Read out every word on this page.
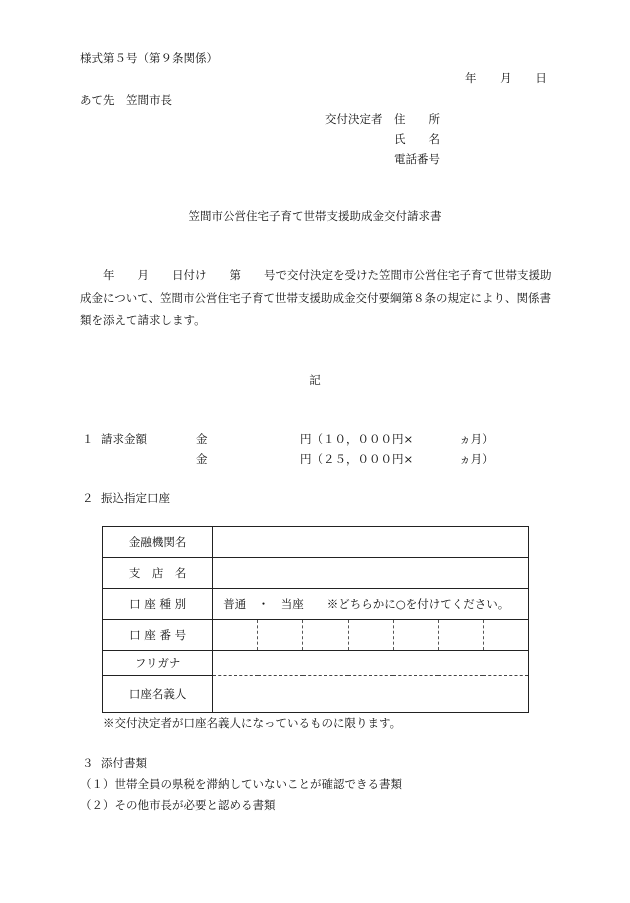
様式第５号（第９条関係）
年 月 日
あて先　笠間市長
交付決定者 住　　所
氏　　名
電話番号
笠間市公営住宅子育て世帯支援助成金交付請求書
　　年　　月　　日付け　　第　　号で交付決定を受けた笠間市公営住宅子育て世帯支援助成金について、笠間市公営住宅子育て世帯支援助成金交付要綱第８条の規定により、関係書類を添えて請求します。
記
１ 請求金額	金	円（１０，０００円×　　　　ヵ月）
金	円（２５，０００円×　　　　ヵ月）
２ 振込指定口座
金融機関名							
支　店　名							
口 座 種 別	普通　・　当座　　※どちらかに○を付けてください。						
口 座 番 号							
フリガナ							
口座名義人							
※交付決定者が口座名義人になっているものに限ります。
３ 添付書類
（１）世帯全員の県税を滞納していないことが確認できる書類
（２）その他市長が必要と認める書類
